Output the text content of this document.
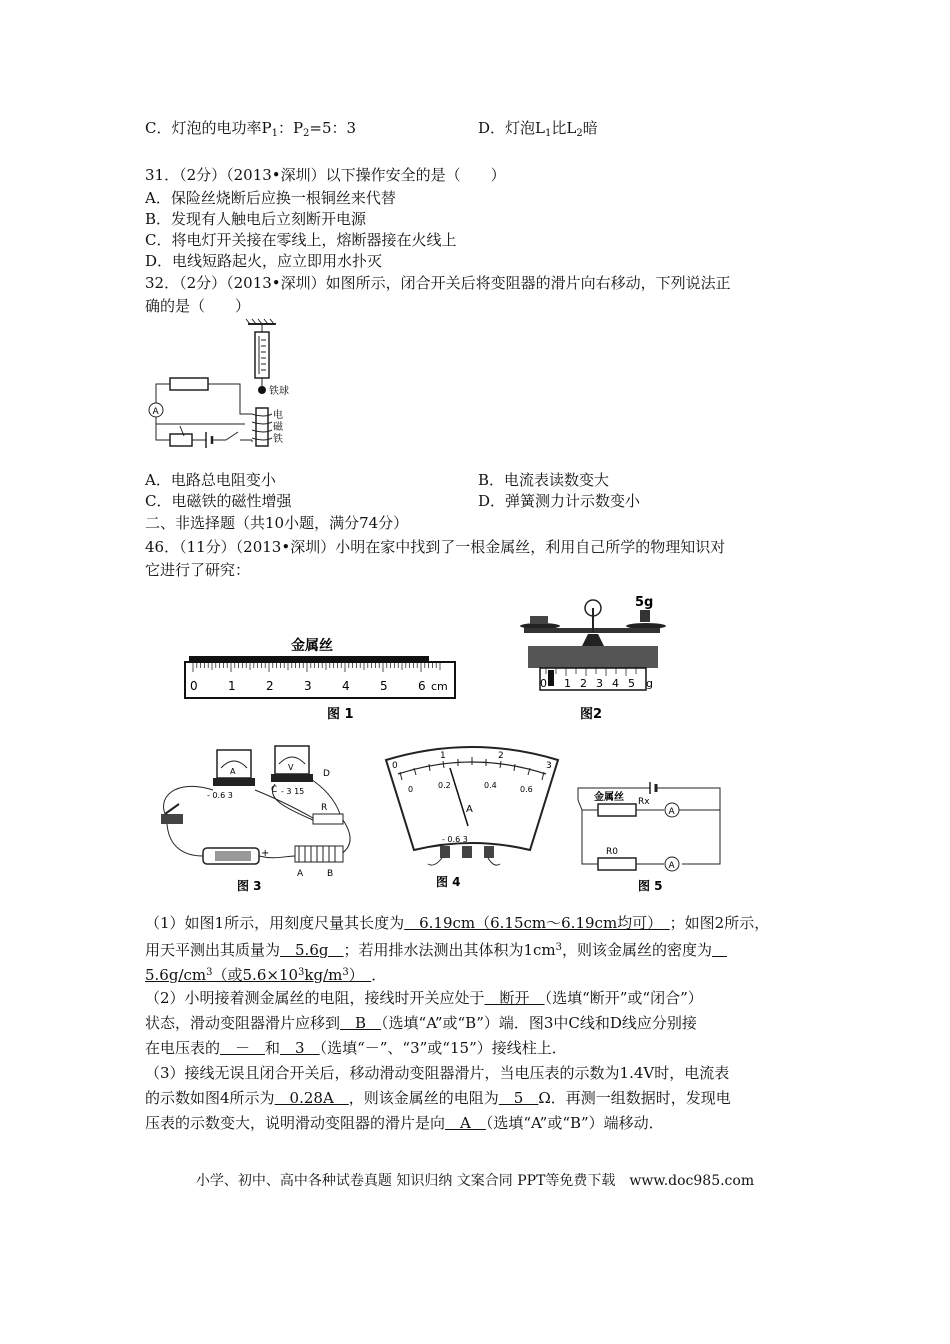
C．灯泡的电功率$P_1$：$P_2=5$：3	D．灯泡$L_1$比$L_2$暗
31．（2分）（2013•深圳）以下操作安全的是（　　）
A．保险丝烧断后应换一根铜丝来代替
B．发现有人触电后立刻断开电源
C．将电灯开关接在零线上，熔断器接在火线上
D．电线短路起火，应立即用水扑灭
32．（2分）（2013•深圳）如图所示，闭合开关后将变阻器的滑片向右移动，下列说法正
确的是（　　）
铁球
电
磁
铁
A
A．电路总电阻变小	B．电流表读数变大
C．电磁铁的磁性增强	D．弹簧测力计示数变小
二、非选择题（共10小题，满分74分）
46．（11分）（2013•深圳）小明在家中找到了一根金属丝，利用自己所学的物理知识对
它进行了研究：
金属丝
0	1	2	3	4	5	6 cm
图 1
5g
0 1 2 3 4 5 g
图2
A
- 0.6 3
V
- 3 15
C
D
R
+
A	B
图 3
0
1	2
3
0	0.2	0.4	0.6
A
- 0.6 3
图 4
金属丝 Rx
A
R0
A
图 5
（1）如图1所示，用刻度尺量其长度为　6.19cm（6.15cm～6.19cm均可）　；如图2所示，
用天平测出其质量为　5.6g　；若用排水法测出其体积为$1cm^3$，则该金属丝的密度为　
$5.6g/cm^3$（或$5.6\times 10^3kg/m^3$）　．
（2）小明接着测金属丝的电阻，接线时开关应处于　断开　（选填“断开”或“闭合”）
状态，滑动变阻器滑片应移到　B　（选填“A”或“B”）端．图3中C线和D线应分别接
在电压表的　－　和　3　（选填“－”、“3”或“15”）接线柱上．
（3）接线无误且闭合开关后，移动滑动变阻器滑片，当电压表的示数为1.4V时，电流表
的示数如图4所示为　0.28A　，则该金属丝的电阻为　5　Ω．再测一组数据时，发现电
压表的示数变大，说明滑动变阻器的滑片是向　A　（选填“A”或“B”）端移动．
小学、初中、高中各种试卷真题 知识归纳 文案合同 PPT等免费下载　www.doc985.com
